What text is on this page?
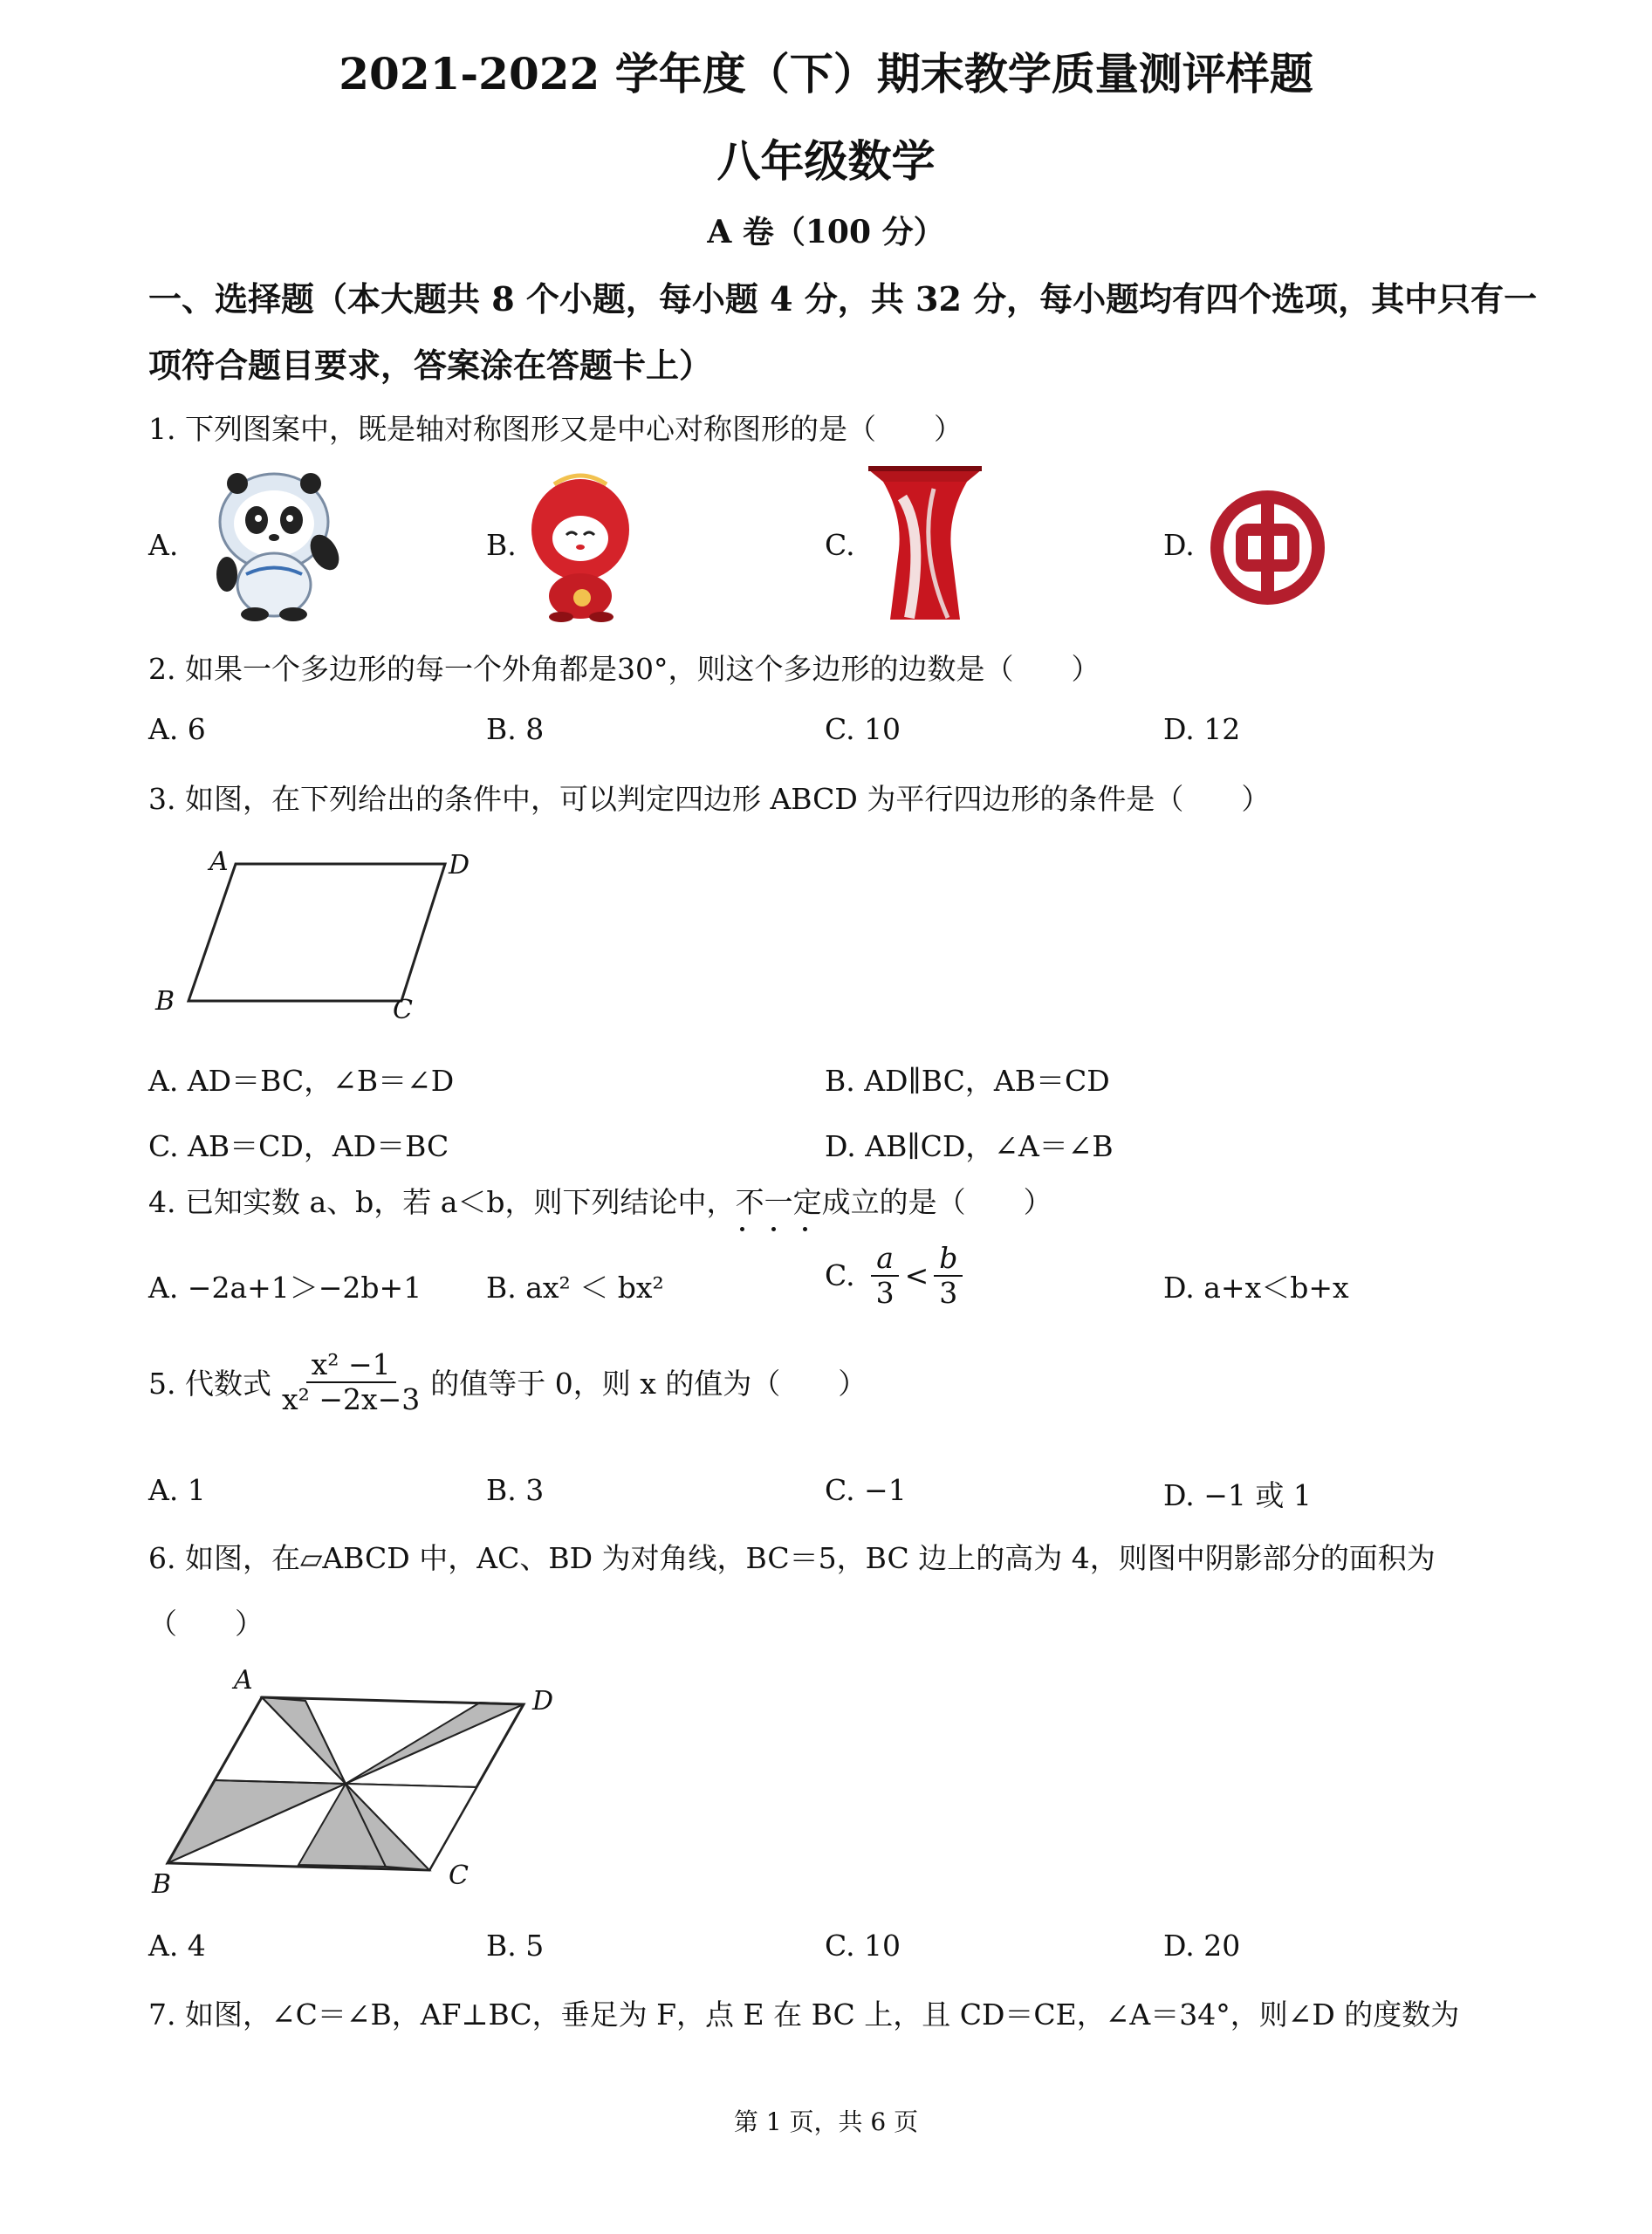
2021-2022 学年度（下）期末教学质量测评样题
八年级数学
A 卷（100 分）
一、选择题（本大题共 8 个小题，每小题 4 分，共 32 分，每小题均有四个选项，其中只有一
项符合题目要求，答案涂在答题卡上）
1. 下列图案中，既是轴对称图形又是中心对称图形的是（　　）
A.	B.	C.	D.
2. 如果一个多边形的每一个外角都是30°，则这个多边形的边数是（　　）
A. 6	B. 8	C. 10	D. 12
3. 如图，在下列给出的条件中，可以判定四边形 ABCD 为平行四边形的条件是（　　）
A	D
B	C
A. AD＝BC，∠B＝∠D	B. AD∥BC，AB＝CD
C. AB＝CD，AD＝BC	D. AB∥CD，∠A＝∠B
4. 已知实数 a、b，若 a＜b，则下列结论中，不一定成立的是（　　）
A. −2a+1＞−2b+1 B. ax² ＜ bx²	C. $\frac{a}{3} < \frac{b}{3}$	D. a+x＜b+x
5. 代数式 $\frac{\text{x² −1}}{\text{x² −2x−3}}$ 的值等于 0，则 x 的值为（　　）
A. 1	B. 3	C. −1	D. −1 或 1
6. 如图，在▱ABCD 中，AC、BD 为对角线，BC＝5，BC 边上的高为 4，则图中阴影部分的面积为
（　　）
A
D
B	C
A. 4	B. 5	C. 10	D. 20
7. 如图，∠C＝∠B，AF⊥BC，垂足为 F，点 E 在 BC 上，且 CD＝CE，∠A＝34°，则∠D 的度数为
第 1 页，共 6 页
